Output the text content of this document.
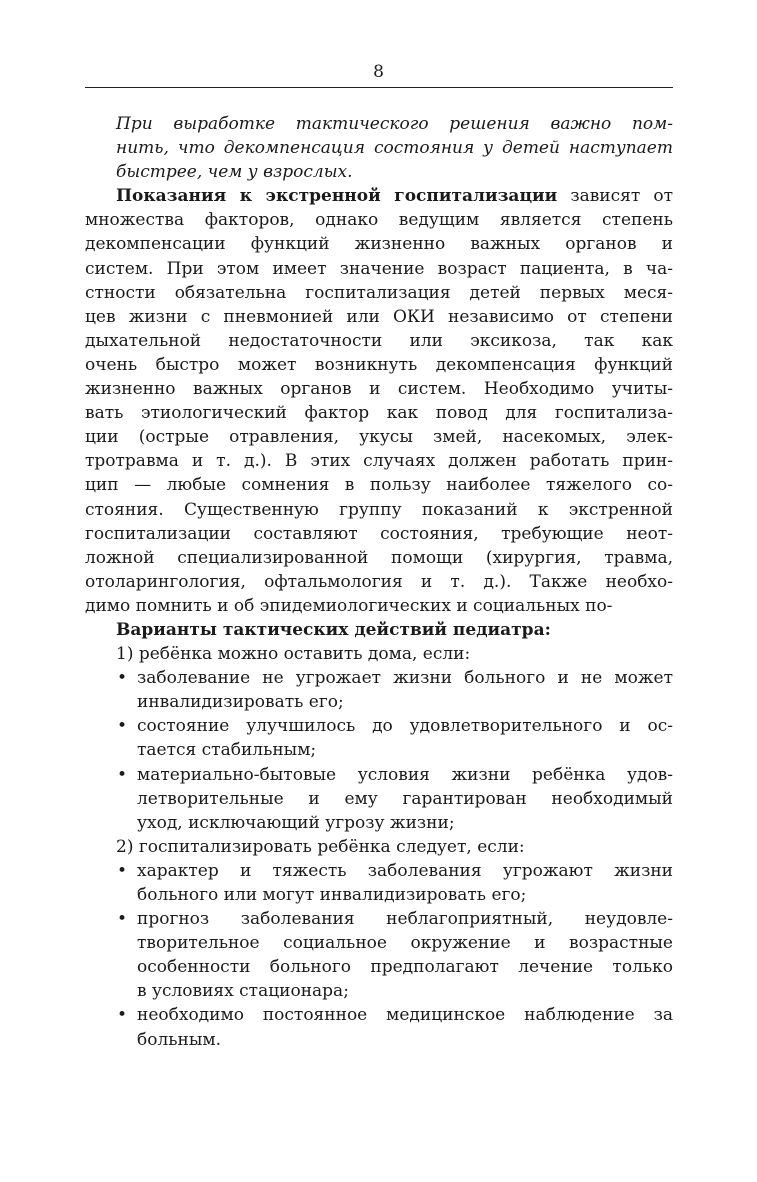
8

При выработке тактического решения важно пом-
нить, что декомпенсация состояния у детей наступает
быстрее, чем у взрослых.

Показания к экстренной госпитализации зависят от
множества факторов, однако ведущим является степень
декомпенсации функций жизненно важных органов и
систем. При этом имеет значение возраст пациента, в ча-
стности обязательна госпитализация детей первых меся-
цев жизни с пневмонией или ОКИ независимо от степени
дыхательной недостаточности или эксикоза, так как
очень быстро может возникнуть декомпенсация функций
жизненно важных органов и систем. Необходимо учиты-
вать этиологический фактор как повод для госпитализа-
ции (острые отравления, укусы змей, насекомых, элек-
тротравма и т. д.). В этих случаях должен работать прин-
цип — любые сомнения в пользу наиболее тяжелого со-
стояния. Существенную группу показаний к экстренной
госпитализации составляют состояния, требующие неот-
ложной специализированной помощи (хирургия, травма,
отоларингология, офтальмология и т. д.). Также необхо-
димо помнить и об эпидемиологических и социальных по-

Варианты тактических действий педиатра:

1) ребёнка можно оставить дома, если:

• заболевание не угрожает жизни больного и не может
инвалидизировать его;
• состояние улучшилось до удовлетворительного и ос-
тается стабильным;
• материально-бытовые условия жизни ребёнка удов-
летворительные и ему гарантирован необходимый
уход, исключающий угрозу жизни;

2) госпитализировать ребёнка следует, если:

• характер и тяжесть заболевания угрожают жизни
больного или могут инвалидизировать его;
• прогноз заболевания неблагоприятный, неудовле-
творительное социальное окружение и возрастные
особенности больного предполагают лечение только
в условиях стационара;
• необходимо постоянное медицинское наблюдение за
больным.
